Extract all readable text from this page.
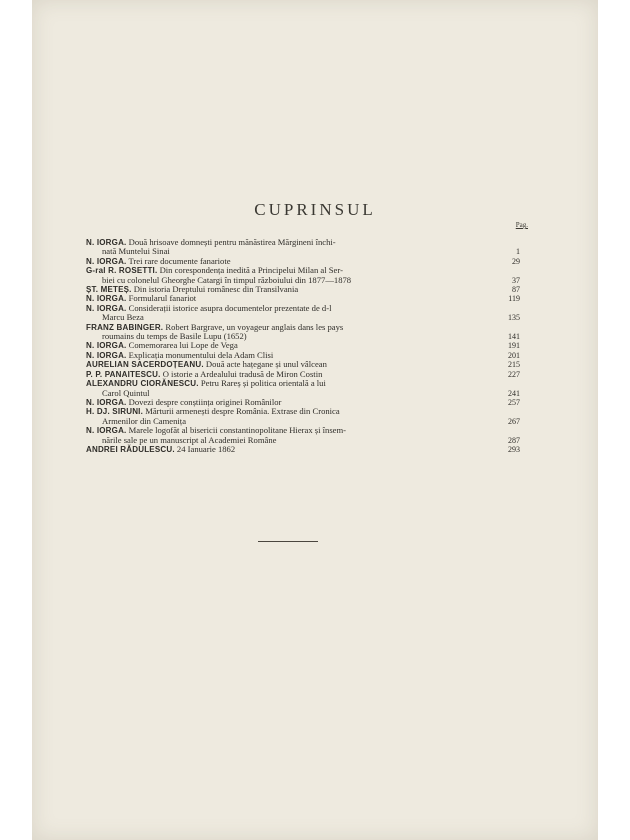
CUPRINSUL
Pag.
N. IORGA. Două hrisoave domnești pentru mănăstirea Mărgineni închi-
nată Muntelui Sinai	1
N. IORGA. Trei rare documente fanariote	29
G-ral R. ROSETTI. Din corespondența inedită a Principelui Milan al Ser-
biei cu colonelul Gheorghe Catargi în timpul războiului din 1877—1878	37
ȘT. METEȘ. Din istoria Dreptului românesc din Transilvania	87
N. IORGA. Formularul fanariot	119
N. IORGA. Considerații istorice asupra documentelor prezentate de d-l
Marcu Beza	135
FRANZ BABINGER. Robert Bargrave, un voyageur anglais dans les pays
roumains du temps de Basile Lupu (1652)	141
N. IORGA. Comemorarea lui Lope de Vega	191
N. IORGA. Explicația monumentului dela Adam Clisi	201
AURELIAN SACERDOȚEANU. Două acte hațegane și unul vâlcean	215
P. P. PANAITESCU. O istorie a Ardealului tradusă de Miron Costin	227
ALEXANDRU CIORĂNESCU. Petru Rareș și politica orientală a lui
Carol Quintul	241
N. IORGA. Dovezi despre conștiința originei Românilor	257
H. DJ. SIRUNI. Mărturii armenești despre România. Extrase din Cronica
Armenilor din Camenița	267
N. IORGA. Marele logofăt al bisericii constantinopolitane Hierax și însem-
nările sale pe un manuscript al Academiei Române	287
ANDREI RĂDULESCU. 24 Ianuarie 1862	293
